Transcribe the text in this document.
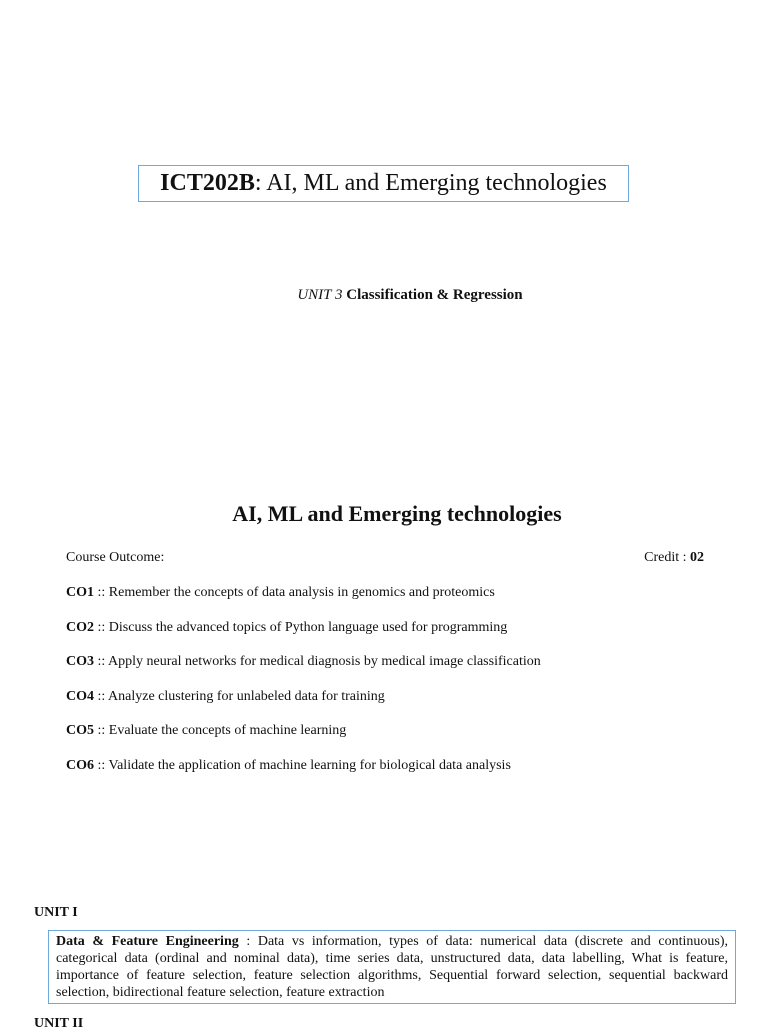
ICT202B : AI, ML and Emerging technologies
UNIT 3 Classification & Regression
AI, ML and Emerging technologies
Course Outcome:	Credit : 02
CO1 :: Remember the concepts of data analysis in genomics and proteomics
CO2 :: Discuss the advanced topics of Python language used for programming
CO3 :: Apply neural networks for medical diagnosis by medical image classification
CO4 :: Analyze clustering for unlabeled data for training
CO5 :: Evaluate the concepts of machine learning
CO6 :: Validate the application of machine learning for biological data analysis
UNIT I
Data & Feature Engineering : Data vs information, types of data: numerical data (discrete and continuous), categorical data (ordinal and nominal data), time series data, unstructured data, data labelling, What is feature, importance of feature selection, feature selection algorithms, Sequential forward selection, sequential backward selection, bidirectional feature selection, feature extraction
UNIT II
